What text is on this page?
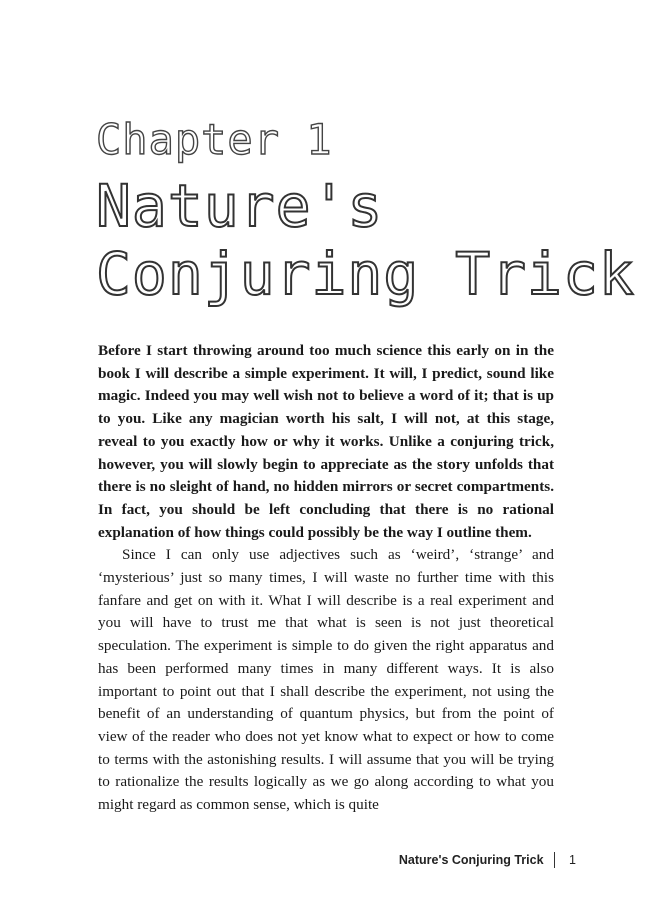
Chapter 1
Nature's
Conjuring Trick

Before I start throwing around too much science this early on in the book I will describe a simple experiment. It will, I predict, sound like magic. Indeed you may well wish not to believe a word of it; that is up to you. Like any magician worth his salt, I will not, at this stage, reveal to you exactly how or why it works. Unlike a conjuring trick, however, you will slowly begin to appreciate as the story unfolds that there is no sleight of hand, no hidden mirrors or secret compartments. In fact, you should be left concluding that there is no rational explanation of how things could possibly be the way I outline them.

Since I can only use adjectives such as ‘weird’, ‘strange’ and ‘mysterious’ just so many times, I will waste no further time with this fanfare and get on with it. What I will describe is a real experiment and you will have to trust me that what is seen is not just theoretical speculation. The experiment is simple to do given the right apparatus and has been performed many times in many different ways. It is also important to point out that I shall describe the experiment, not using the benefit of an understanding of quantum physics, but from the point of view of the reader who does not yet know what to expect or how to come to terms with the astonishing results. I will assume that you will be trying to rationalize the results logically as we go along according to what you might regard as common sense, which is quite

Nature's Conjuring Trick 1
